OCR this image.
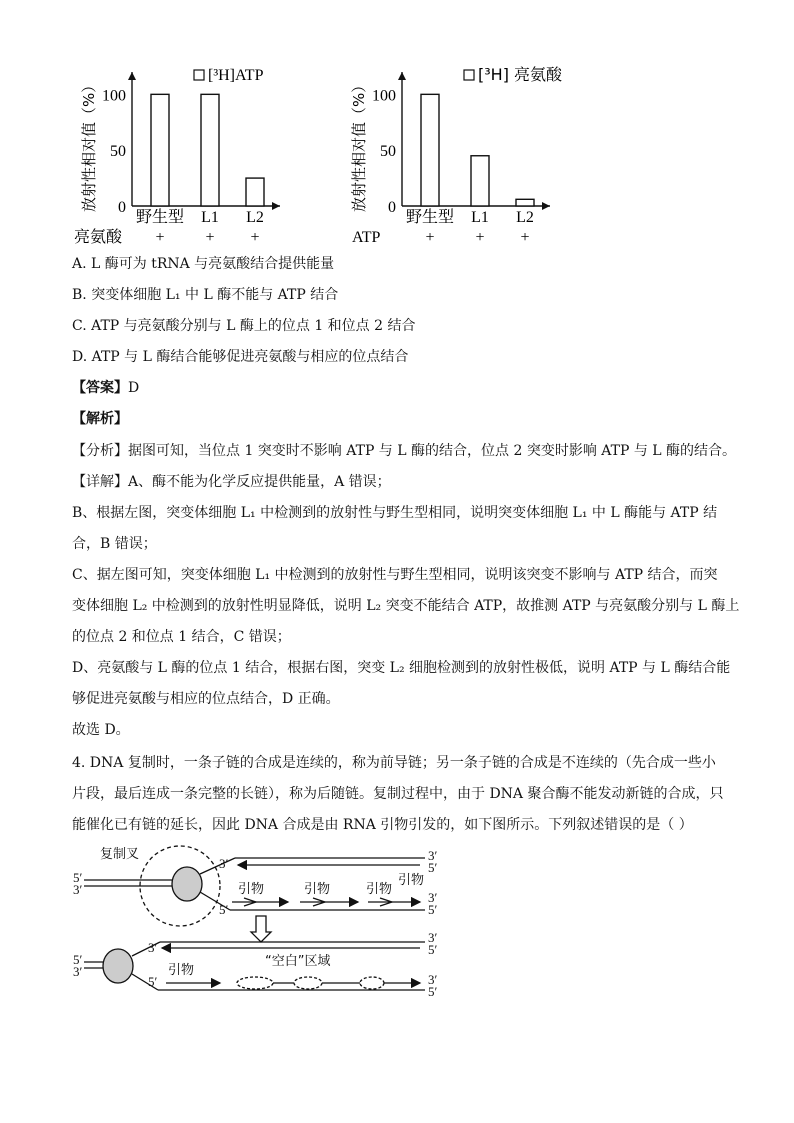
放射性相对值（%） 0
50
100
[³H]ATP
野生型
+
L1
+
L2
+
亮氨酸
放射性相对值（%） 0
50
100
[³H] 亮氨酸
野生型
+
L1
+
L2
+
ATP
A. L 酶可为 tRNA 与亮氨酸结合提供能量
B. 突变体细胞 L₁ 中 L 酶不能与 ATP 结合
C. ATP 与亮氨酸分别与 L 酶上的位点 1 和位点 2 结合
D. ATP 与 L 酶结合能够促进亮氨酸与相应的位点结合
【答案】D
【解析】
【分析】据图可知，当位点 1 突变时不影响 ATP 与 L 酶的结合，位点 2 突变时影响 ATP 与 L 酶的结合。
【详解】A、酶不能为化学反应提供能量，A 错误；
B、根据左图，突变体细胞 L₁ 中检测到的放射性与野生型相同，说明突变体细胞 L₁ 中 L 酶能与 ATP 结
合，B 错误；
C、据左图可知，突变体细胞 L₁ 中检测到的放射性与野生型相同，说明该突变不影响与 ATP 结合，而突
变体细胞 L₂ 中检测到的放射性明显降低，说明 L₂ 突变不能结合 ATP，故推测 ATP 与亮氨酸分别与 L 酶上
的位点 2 和位点 1 结合，C 错误；
D、亮氨酸与 L 酶的位点 1 结合，根据右图，突变 L₂ 细胞检测到的放射性极低，说明 ATP 与 L 酶结合能
够促进亮氨酸与相应的位点结合，D 正确。
故选 D。
4. DNA 复制时，一条子链的合成是连续的，称为前导链；另一条子链的合成是不连续的（先合成一些小
片段，最后连成一条完整的长链），称为后随链。复制过程中，由于 DNA 聚合酶不能发动新链的合成，只
能催化已有链的延长，因此 DNA 合成是由 RNA 引物引发的，如下图所示。下列叙述错误的是（ ）
复制叉
引物	引物	引物
引物
引物
“空白”区域
5′
3′
3′
5′
3′
5′
3′
5′
5′
3′
3′
5′
3′
5′
3′
5′
